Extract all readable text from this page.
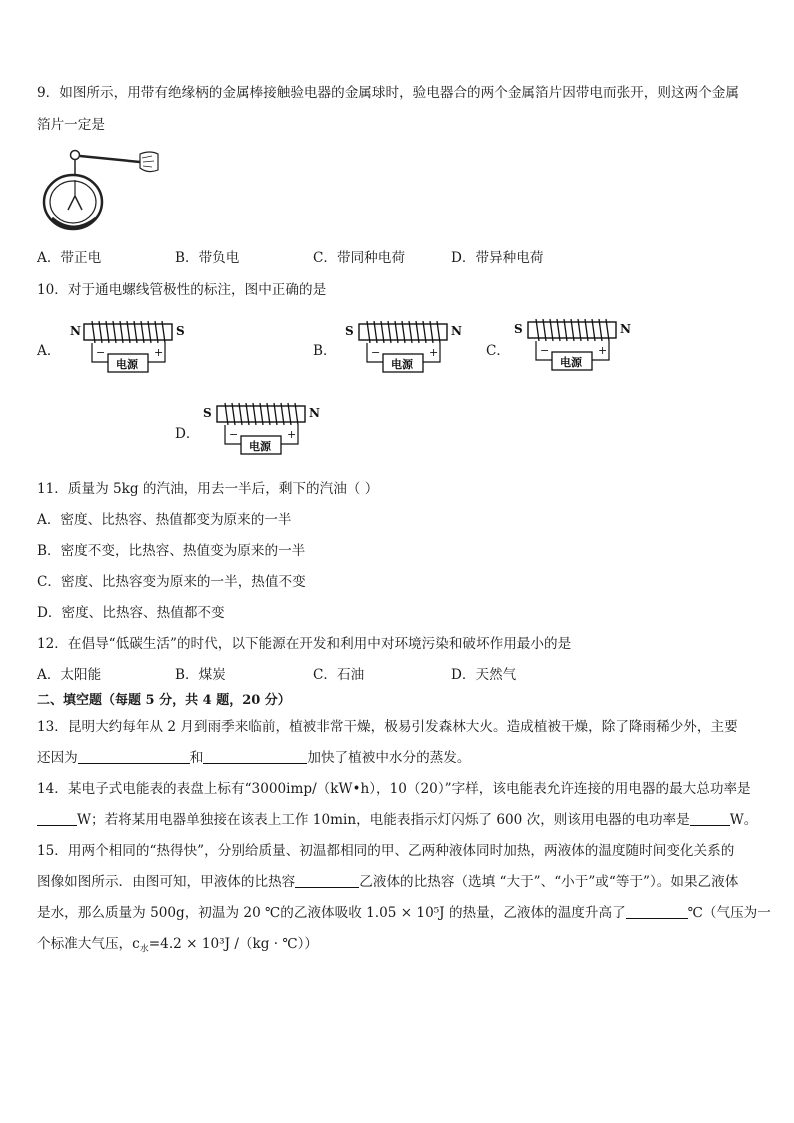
9．如图所示，用带有绝缘柄的金属棒接触验电器的金属球时，验电器合的两个金属箔片因带电而张开，则这两个金属
箔片一定是
A．带正电	B．带负电	C．带同种电荷	D．带异种电荷
10．对于通电螺线管极性的标注，图中正确的是
A．	B．	C．
D．
N	S
电源
−	+
S	N
电源
−	+
S	N
电源
−	+
S	N
电源
−	+
11．质量为 5kg 的汽油，用去一半后，剩下的汽油（ ）
A．密度、比热容、热值都变为原来的一半
B．密度不变，比热容、热值变为原来的一半
C．密度、比热容变为原来的一半，热值不变
D．密度、比热容、热值都不变
12．在倡导“低碳生活”的时代，以下能源在开发和利用中对环境污染和破坏作用最小的是
A．太阳能	B．煤炭	C．石油	D．天然气
二、填空题（每题 5 分，共 4 题，20 分）
13．昆明大约每年从 2 月到雨季来临前，植被非常干燥，极易引发森林大火。造成植被干燥，除了降雨稀少外，主要
还因为	和	加快了植被中水分的蒸发。
14．某电子式电能表的表盘上标有“3000imp/（kW•h），10（20）”字样，该电能表允许连接的用电器的最大总功率是
W；若将某用电器单独接在该表上工作 10min，电能表指示灯闪烁了 600 次，则该用电器的电功率是	W。
15．用两个相同的“热得快”，分别给质量、初温都相同的甲、乙两种液体同时加热，两液体的温度随时间变化关系的
图像如图所示．由图可知，甲液体的比热容	乙液体的比热容（选填 “大于”、“小于”或“等于”）。如果乙液体
是水，那么质量为 500g，初温为 20 ℃的乙液体吸收 1.05 × 10⁵J 的热量，乙液体的温度升高了	℃（气压为一
个标准大气压，$c_水=4.2 \times 10^3J$ /（kg · ℃））
